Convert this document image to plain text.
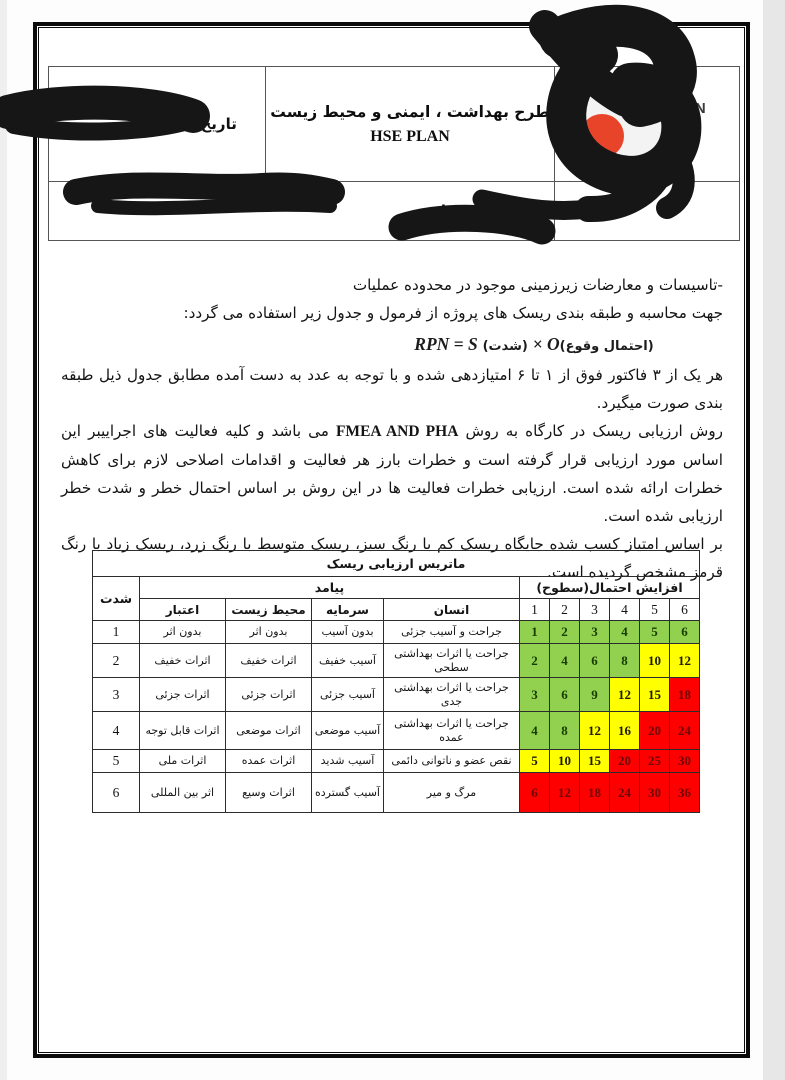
تاریخ تدوین: ۳	طرح بهداشت ، ایمنی و محیط زیست
HSE PLAN	

عنوان پروژه: ا		ان

-تاسیسات و معارضات زیرزمینی موجود در محدوده عملیات

جهت محاسبه و طبقه بندی ریسک های پروژه از فرمول و جدول زیر استفاده می گردد:

RPN = S (شدت) × O(احتمال وقوع)

هر یک از ۳ فاکتور فوق از ۱ تا ۶ امتیازدهی شده و با توجه به عدد به دست آمده مطابق جدول ذیل طبقه بندی صورت میگیرد.

روش ارزیابی ریسک در کارگاه به روش FMEA AND PHA می باشد و کلیه فعالیت های اجراییبر این اساس مورد ارزیابی قرار گرفته است و خطرات بارز هر فعالیت و اقدامات اصلاحی لازم برای کاهش خطرات ارائه شده است. ارزیابی خطرات فعالیت ها در این روش بر اساس احتمال خطر و شدت خطر ارزیابی شده است.

بر اساس امتیاز کسب شده جایگاه ریسک کم با رنگ سبز، ریسک متوسط با رنگ زرد، ریسک زیاد با رنگ قرمز مشخص گردیده است.

ماتریس ارزیابی ریسک										
شدت	پیامد				افزایش احتمال(سطوح)					
	اعتبار	محیط زیست	سرمایه	انسان	1	2	3	4	5	6
1	بدون اثر	بدون اثر	بدون آسیب	جراحت و آسیب جزئی	1	2	3	4	5	6
2	اثرات خفیف	اثرات خفیف	آسیب خفیف	جراحت یا اثرات بهداشتی سطحی	2	4	6	8	10	12
3	اثرات جزئی	اثرات جزئی	آسیب جزئی	جراحت یا اثرات بهداشتی جدی	3	6	9	12	15	18
4	اثرات قابل توجه	اثرات موضعی	آسیب موضعی	جراحت یا اثرات بهداشتی عمده	4	8	12	16	20	24
5	اثرات ملی	اثرات عمده	آسیب شدید	نقص عضو و ناتوانی دائمی	5	10	15	20	25	30
6	اثر بین المللی	اثرات وسیع	آسیب گسترده	مرگ و میر	6	12	18	24	30	36
AN
